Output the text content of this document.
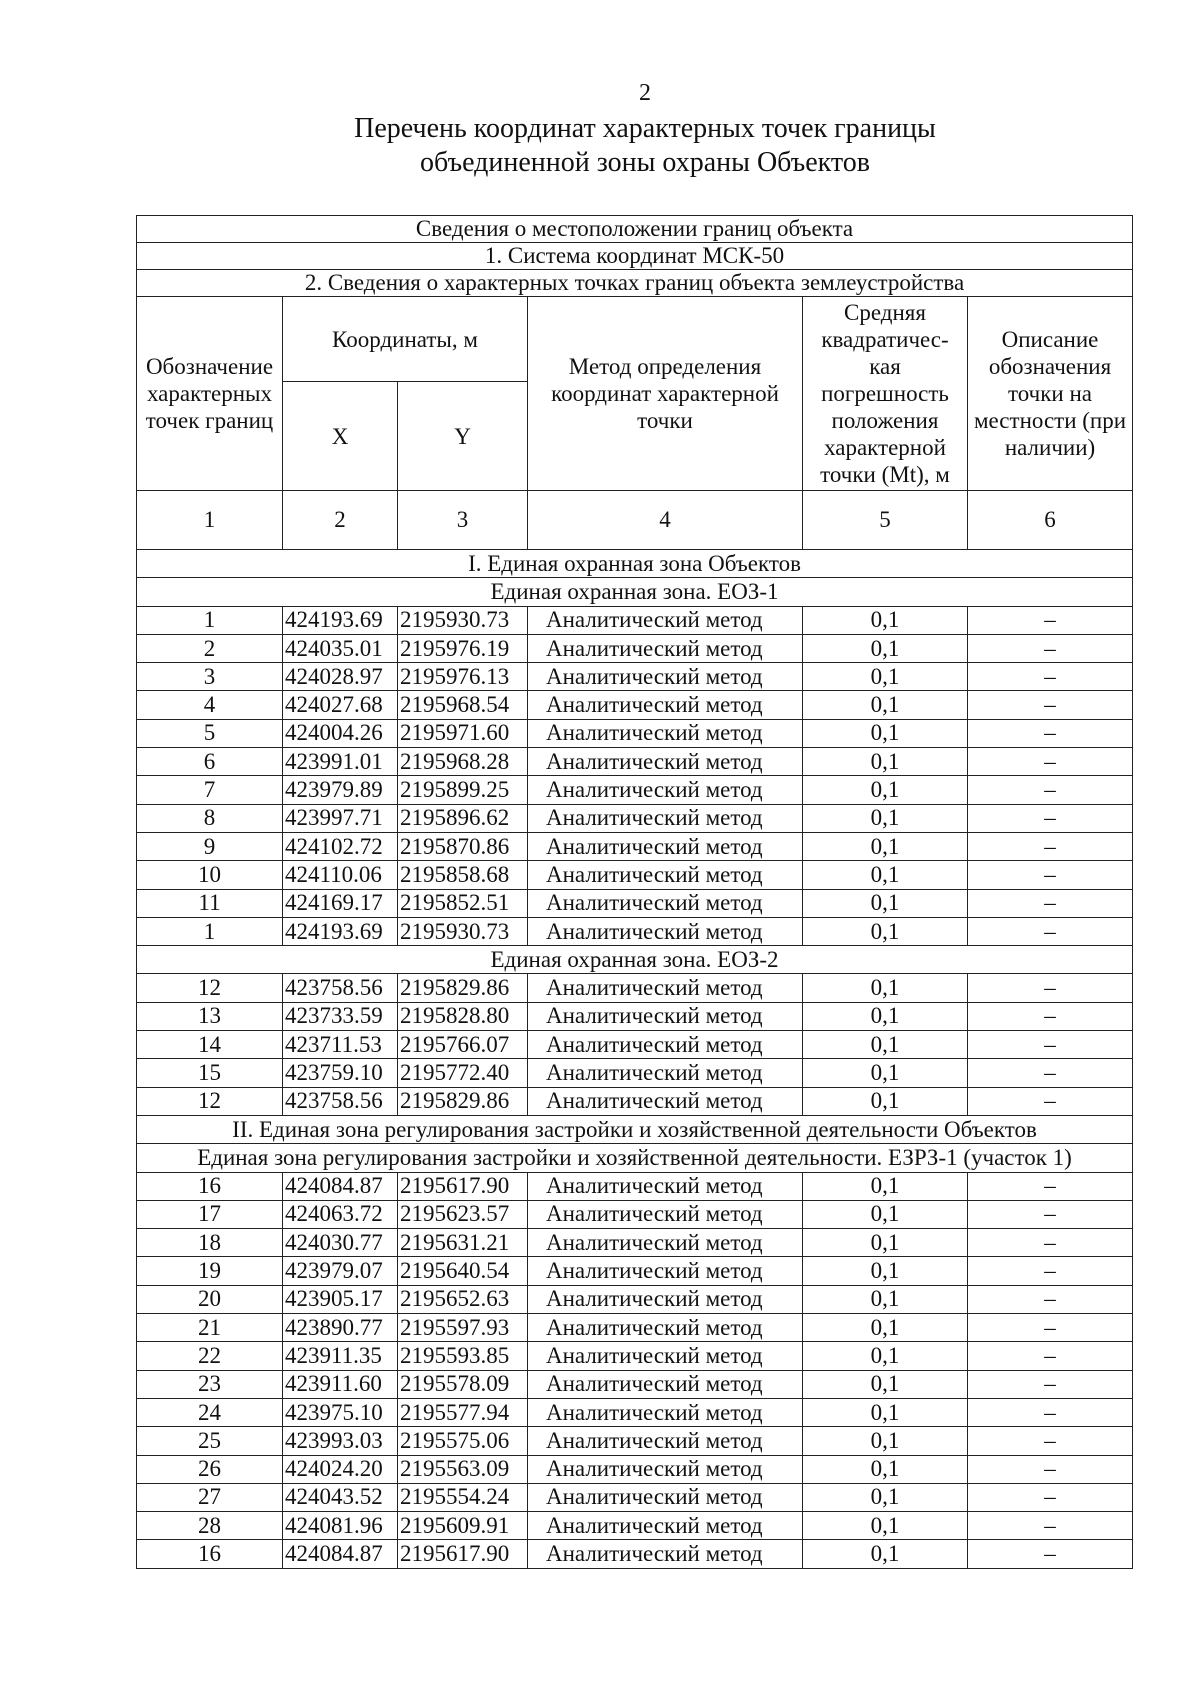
2
Перечень координат характерных точек границы
объединенной зоны охраны Объектов
Сведения о местоположении границ объекта					
1. Система координат МСК-50					
2. Сведения о характерных точках границ объекта землеустройства					
Обозначение характерных точек границ	Координаты, м		Метод определения координат характерной точки	Средняя квадратичес-кая погрешность положения характерной точки (Mt), м	Описание обозначения точки на местности (при наличии)
	X	Y			
1	2	3	4	5	6
I. Единая охранная зона Объектов					
Единая охранная зона. ЕОЗ-1					
1	424193.69	2195930.73	Аналитический метод	0,1	–
2	424035.01	2195976.19	Аналитический метод	0,1	–
3	424028.97	2195976.13	Аналитический метод	0,1	–
4	424027.68	2195968.54	Аналитический метод	0,1	–
5	424004.26	2195971.60	Аналитический метод	0,1	–
6	423991.01	2195968.28	Аналитический метод	0,1	–
7	423979.89	2195899.25	Аналитический метод	0,1	–
8	423997.71	2195896.62	Аналитический метод	0,1	–
9	424102.72	2195870.86	Аналитический метод	0,1	–
10	424110.06	2195858.68	Аналитический метод	0,1	–
11	424169.17	2195852.51	Аналитический метод	0,1	–
1	424193.69	2195930.73	Аналитический метод	0,1	–
Единая охранная зона. ЕОЗ-2					
12	423758.56	2195829.86	Аналитический метод	0,1	–
13	423733.59	2195828.80	Аналитический метод	0,1	–
14	423711.53	2195766.07	Аналитический метод	0,1	–
15	423759.10	2195772.40	Аналитический метод	0,1	–
12	423758.56	2195829.86	Аналитический метод	0,1	–
II. Единая зона регулирования застройки и хозяйственной деятельности Объектов					
Единая зона регулирования застройки и хозяйственной деятельности. ЕЗРЗ-1 (участок 1)					
16	424084.87	2195617.90	Аналитический метод	0,1	–
17	424063.72	2195623.57	Аналитический метод	0,1	–
18	424030.77	2195631.21	Аналитический метод	0,1	–
19	423979.07	2195640.54	Аналитический метод	0,1	–
20	423905.17	2195652.63	Аналитический метод	0,1	–
21	423890.77	2195597.93	Аналитический метод	0,1	–
22	423911.35	2195593.85	Аналитический метод	0,1	–
23	423911.60	2195578.09	Аналитический метод	0,1	–
24	423975.10	2195577.94	Аналитический метод	0,1	–
25	423993.03	2195575.06	Аналитический метод	0,1	–
26	424024.20	2195563.09	Аналитический метод	0,1	–
27	424043.52	2195554.24	Аналитический метод	0,1	–
28	424081.96	2195609.91	Аналитический метод	0,1	–
16	424084.87	2195617.90	Аналитический метод	0,1	–
